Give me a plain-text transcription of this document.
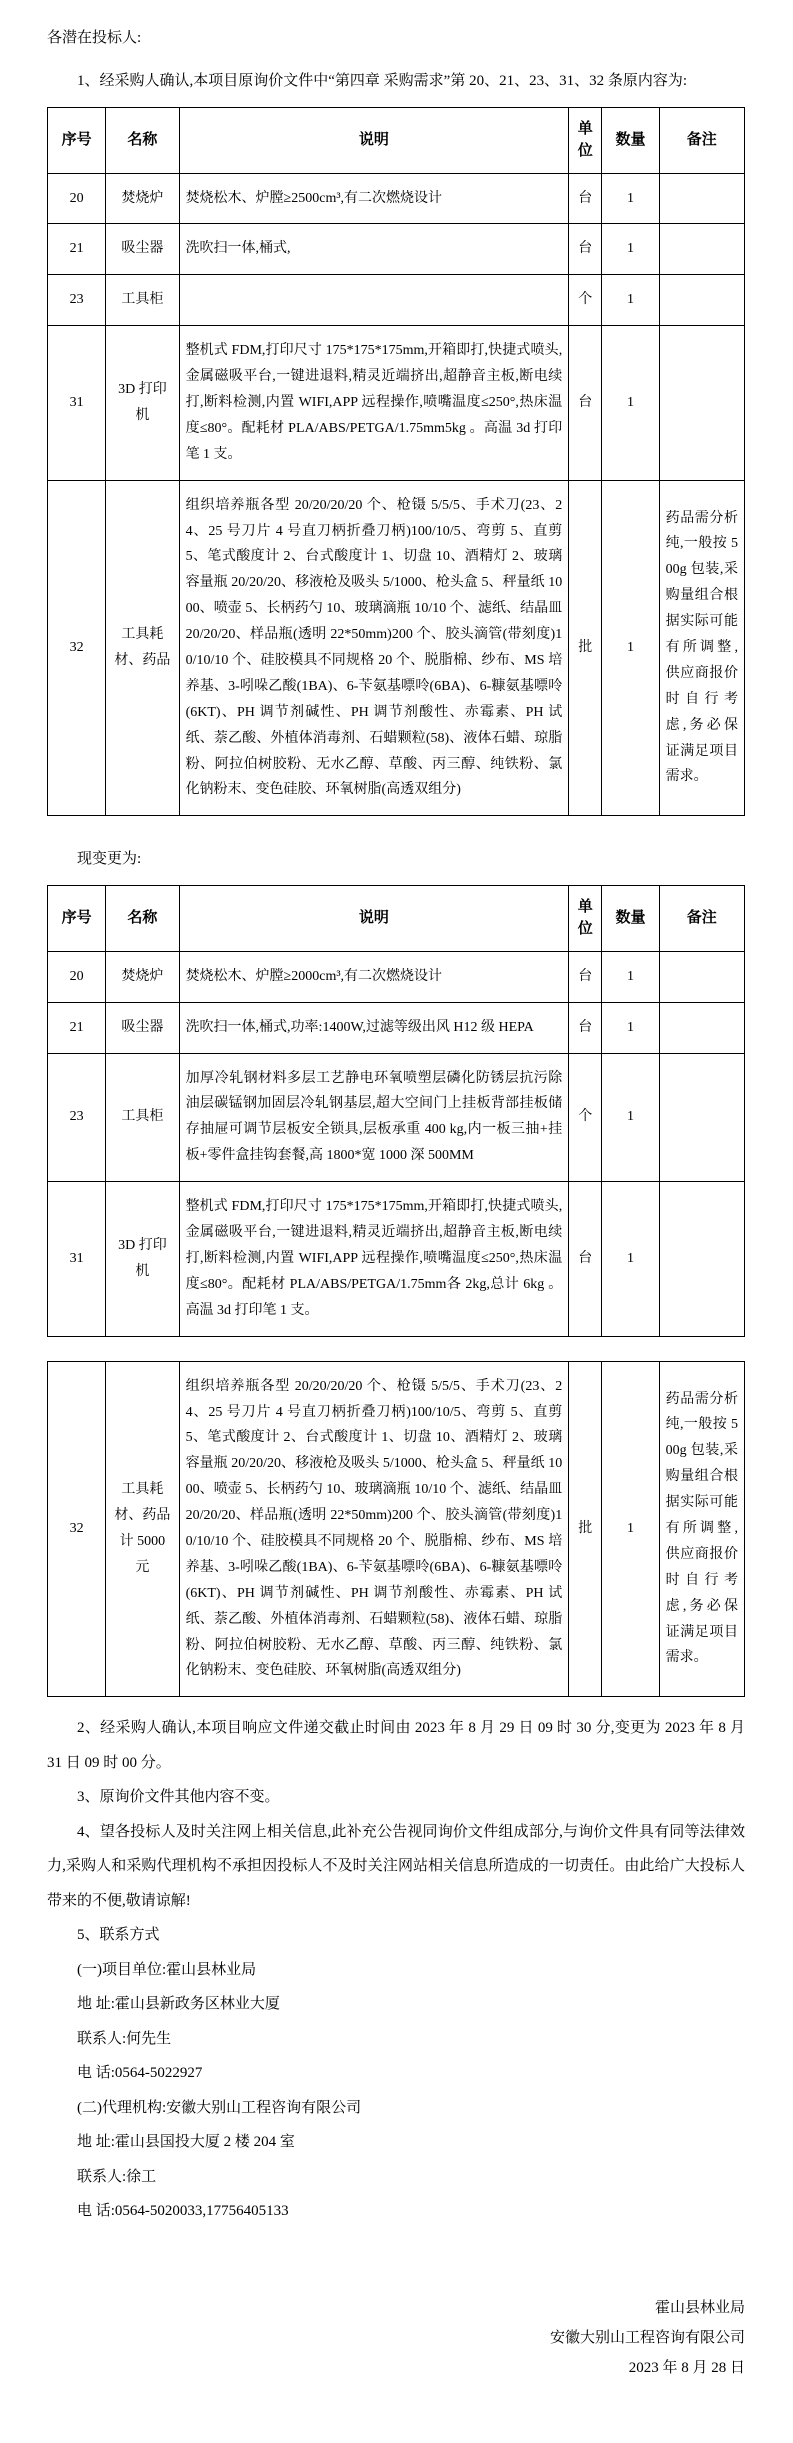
各潜在投标人:

1、经采购人确认,本项目原询价文件中“第四章 采购需求”第 20、21、23、31、32 条原内容为:

序号	名称	说明	单位	数量	备注
20	焚烧炉	焚烧松木、炉膛≥2500cm³,有二次燃烧设计	台	1	
21	吸尘器	洗吹扫一体,桶式,	台	1	
23	工具柜		个	1	
31	3D 打印机	整机式 FDM,打印尺寸 175*175*175mm,开箱即打,快捷式喷头,金属磁吸平台,一键进退料,精灵近端挤出,超静音主板,断电续打,断料检测,内置 WIFI,APP 远程操作,喷嘴温度≤250°,热床温度≤80°。配耗材 PLA/ABS/PETGA/1.75mm5kg 。高温 3d 打印笔 1 支。	台	1	
32	工具耗材、药品	组织培养瓶各型 20/20/20/20 个、枪镊 5/5/5、手术刀(23、24、25 号刀片 4 号直刀柄折叠刀柄)100/10/5、弯剪 5、直剪 5、笔式酸度计 2、台式酸度计 1、切盘 10、酒精灯 2、玻璃容量瓶 20/20/20、移液枪及吸头 5/1000、枪头盒 5、秤量纸 1000、喷壶 5、长柄药勺 10、玻璃滴瓶 10/10 个、滤纸、结晶皿 20/20/20、样品瓶(透明 22*50mm)200 个、胶头滴管(带刻度)10/10/10 个、硅胶模具不同规格 20 个、脱脂棉、纱布、MS 培养基、3-吲哚乙酸(1BA)、6-苄氨基嘌呤(6BA)、6-糠氨基嘌呤(6KT)、PH 调节剂碱性、PH 调节剂酸性、赤霉素、PH 试纸、萘乙酸、外植体消毒剂、石蜡颗粒(58)、液体石蜡、琼脂粉、阿拉伯树胶粉、无水乙醇、草酸、丙三醇、纯铁粉、氯化钠粉末、变色硅胶、环氧树脂(高透双组分)	批	1	药品需分析纯,一般按 500g 包装,采购量组合根据实际可能有所调整,供应商报价时自行考虑,务必保证满足项目需求。

现变更为:

序号	名称	说明	单位	数量	备注
20	焚烧炉	焚烧松木、炉膛≥2000cm³,有二次燃烧设计	台	1	
21	吸尘器	洗吹扫一体,桶式,功率:1400W,过滤等级出风 H12 级 HEPA	台	1	
23	工具柜	加厚冷轧钢材料多层工艺静电环氧喷塑层磷化防锈层抗污除油层碳锰钢加固层冷轧钢基层,超大空间门上挂板背部挂板储存抽屉可调节层板安全锁具,层板承重 400 kg,内一板三抽+挂板+零件盒挂钩套餐,高 1800*宽 1000 深 500MM	个	1	
31	3D 打印机	整机式 FDM,打印尺寸 175*175*175mm,开箱即打,快捷式喷头,金属磁吸平台,一键进退料,精灵近端挤出,超静音主板,断电续打,断料检测,内置 WIFI,APP 远程操作,喷嘴温度≤250°,热床温度≤80°。配耗材 PLA/ABS/PETGA/1.75mm各 2kg,总计 6kg 。高温 3d 打印笔 1 支。	台	1	
32	工具耗材、药品 计 5000 元	组织培养瓶各型 20/20/20/20 个、枪镊 5/5/5、手术刀(23、24、25 号刀片 4 号直刀柄折叠刀柄)100/10/5、弯剪 5、直剪 5、笔式酸度计 2、台式酸度计 1、切盘 10、酒精灯 2、玻璃容量瓶 20/20/20、移液枪及吸头 5/1000、枪头盒 5、秤量纸 1000、喷壶 5、长柄药勺 10、玻璃滴瓶 10/10 个、滤纸、结晶皿 20/20/20、样品瓶(透明 22*50mm)200 个、胶头滴管(带刻度)10/10/10 个、硅胶模具不同规格 20 个、脱脂棉、纱布、MS 培养基、3-吲哚乙酸(1BA)、6-苄氨基嘌呤(6BA)、6-糠氨基嘌呤(6KT)、PH 调节剂碱性、PH 调节剂酸性、赤霉素、PH 试纸、萘乙酸、外植体消毒剂、石蜡颗粒(58)、液体石蜡、琼脂粉、阿拉伯树胶粉、无水乙醇、草酸、丙三醇、纯铁粉、氯化钠粉末、变色硅胶、环氧树脂(高透双组分)	批	1	药品需分析纯,一般按 500g 包装,采购量组合根据实际可能有所调整,供应商报价时自行考虑,务必保证满足项目需求。

2、经采购人确认,本项目响应文件递交截止时间由 2023 年 8 月 29 日 09 时 30 分,变更为 2023 年 8 月 31 日 09 时 00 分。

3、原询价文件其他内容不变。

4、望各投标人及时关注网上相关信息,此补充公告视同询价文件组成部分,与询价文件具有同等法律效力,采购人和采购代理机构不承担因投标人不及时关注网站相关信息所造成的一切责任。由此给广大投标人带来的不便,敬请谅解!

5、联系方式

(一)项目单位:霍山县林业局

地 址:霍山县新政务区林业大厦

联系人:何先生

电 话:0564-5022927

(二)代理机构:安徽大别山工程咨询有限公司

地 址:霍山县国投大厦 2 楼 204 室

联系人:徐工

电 话:0564-5020033,17756405133

霍山县林业局
安徽大别山工程咨询有限公司
2023 年 8 月 28 日
